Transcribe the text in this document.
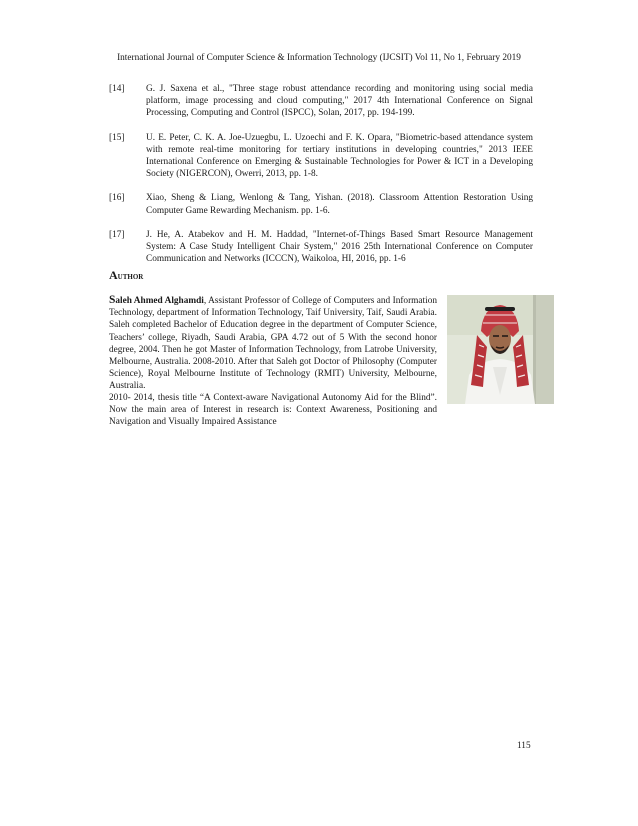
International Journal of Computer Science & Information Technology (IJCSIT) Vol 11, No 1, February 2019
[14]	G. J. Saxena et al., "Three stage robust attendance recording and monitoring using social media platform, image processing and cloud computing," 2017 4th International Conference on Signal Processing, Computing and Control (ISPCC), Solan, 2017, pp. 194-199.
[15]	U. E. Peter, C. K. A. Joe-Uzuegbu, L. Uzoechi and F. K. Opara, "Biometric-based attendance system with remote real-time monitoring for tertiary institutions in developing countries," 2013 IEEE International Conference on Emerging & Sustainable Technologies for Power & ICT in a Developing Society (NIGERCON), Owerri, 2013, pp. 1-8.
[16]	Xiao, Sheng & Liang, Wenlong & Tang, Yishan. (2018). Classroom Attention Restoration Using Computer Game Rewarding Mechanism. pp. 1-6.
[17]	J. He, A. Atabekov and H. M. Haddad, "Internet-of-Things Based Smart Resource Management System: A Case Study Intelligent Chair System," 2016 25th International Conference on Computer Communication and Networks (ICCCN), Waikoloa, HI, 2016, pp. 1-6
Author
Saleh Ahmed Alghamdi, Assistant Professor of College of Computers and Information Technology, department of Information Technology, Taif University, Taif, Saudi Arabia. Saleh completed Bachelor of Education degree in the department of Computer Science, Teachers’ college, Riyadh, Saudi Arabia, GPA 4.72 out of 5 With the second honor degree, 2004. Then he got Master of Information Technology, from Latrobe University, Melbourne, Australia. 2008-2010. After that Saleh got Doctor of Philosophy (Computer Science), Royal Melbourne Institute of Technology (RMIT) University, Melbourne, Australia.
2010- 2014, thesis title “A Context-aware Navigational Autonomy Aid for the Blind”. Now the main area of Interest in research is: Context Awareness, Positioning and Navigation and Visually Impaired Assistance
115
